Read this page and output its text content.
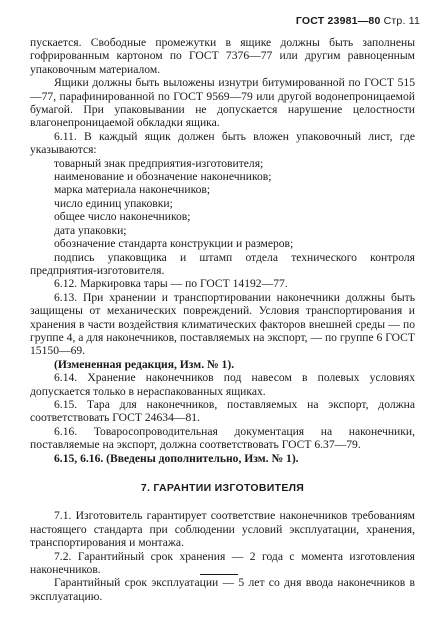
ГОСТ 23981—80 Стр. 11

пускается. Свободные промежутки в ящике должны быть заполнены гофрированным картоном по ГОСТ 7376—77 или другим равноценным упаковочным материалом.

Ящики должны быть выложены изнутри битумированной по ГОСТ 515—77, парафинированной по ГОСТ 9569—79 или другой водонепроницаемой бумагой. При упаковывании не допускается нарушение целостности влагонепроницаемой обкладки ящика.

6.11. В каждый ящик должен быть вложен упаковочный лист, где указываются:

товарный знак предприятия-изготовителя;

наименование и обозначение наконечников;

марка материала наконечников;

число единиц упаковки;

общее число наконечников;

дата упаковки;

обозначение стандарта конструкции и размеров;

подпись упаковщика и штамп отдела технического контроля предприятия-изготовителя.

6.12. Маркировка тары — по ГОСТ 14192—77.

6.13. При хранении и транспортировании наконечники должны быть защищены от механических повреждений. Условия транспортирования и хранения в части воздействия климатических факторов внешней среды — по группе 4, а для наконечников, поставляемых на экспорт, — по группе 6 ГОСТ 15150—69.

(Измененная редакция, Изм. № 1).

6.14. Хранение наконечников под навесом в полевых условиях допускается только в нераспакованных ящиках.

6.15. Тара для наконечников, поставляемых на экспорт, должна соответствовать ГОСТ 24634—81.

6.16. Товаросопроводительная документация на наконечники, поставляемые на экспорт, должна соответствовать ГОСТ 6.37—79.

6.15, 6.16. (Введены дополнительно, Изм. № 1).

7. ГАРАНТИИ ИЗГОТОВИТЕЛЯ

7.1. Изготовитель гарантирует соответствие наконечников требованиям настоящего стандарта при соблюдении условий эксплуатации, хранения, транспортирования и монтажа.

7.2. Гарантийный срок хранения — 2 года с момента изготовления наконечников.

Гарантийный срок эксплуатации — 5 лет со дня ввода наконечников в эксплуатацию.
